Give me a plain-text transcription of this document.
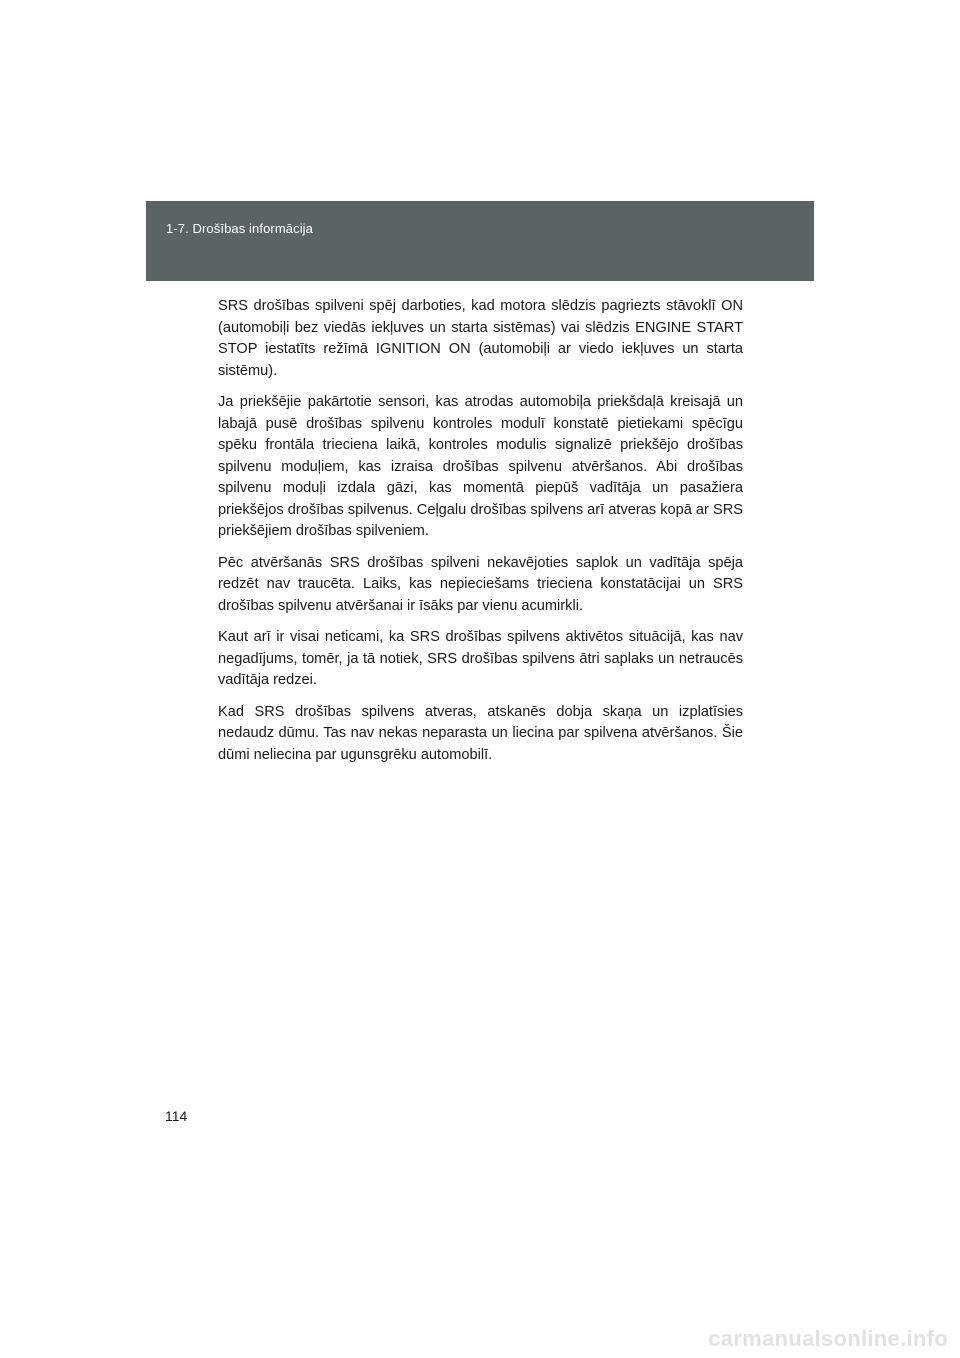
1-7. Drošības informācija

SRS drošības spilveni spēj darboties, kad motora slēdzis pagriezts stāvoklī ON (automobiļi bez viedās iekļuves un starta sistēmas) vai slēdzis ENGINE START STOP iestatīts režīmā IGNITION ON (automobiļi ar viedo iekļuves un starta sistēmu).

Ja priekšējie pakārtotie sensori, kas atrodas automobiļa priekšdaļā kreisajā un labajā pusē drošības spilvenu kontroles modulī konstatē pietiekami spēcīgu spēku frontāla trieciena laikā, kontroles modulis signalizē priekšējo drošības spilvenu moduļiem, kas izraisa drošības spilvenu atvēršanos. Abi drošības spilvenu moduļi izdala gāzi, kas momentā piepūš vadītāja un pasažiera priekšējos drošības spilvenus. Ceļgalu drošības spilvens arī atveras kopā ar SRS priekšējiem drošības spilveniem.

Pēc atvēršanās SRS drošības spilveni nekavējoties saplok un vadītāja spēja redzēt nav traucēta. Laiks, kas nepieciešams trieciena konstatācijai un SRS drošības spilvenu atvēršanai ir īsāks par vienu acumirkli.

Kaut arī ir visai neticami, ka SRS drošības spilvens aktivētos situācijā, kas nav negadījums, tomēr, ja tā notiek, SRS drošības spilvens ātri saplaks un netraucēs vadītāja redzei.

Kad SRS drošības spilvens atveras, atskanēs dobja skaņa un izplatīsies nedaudz dūmu. Tas nav nekas neparasta un liecina par spilvena atvēršanos. Šie dūmi neliecina par ugunsgrēku automobilī.

114
carmanualsonline.info
